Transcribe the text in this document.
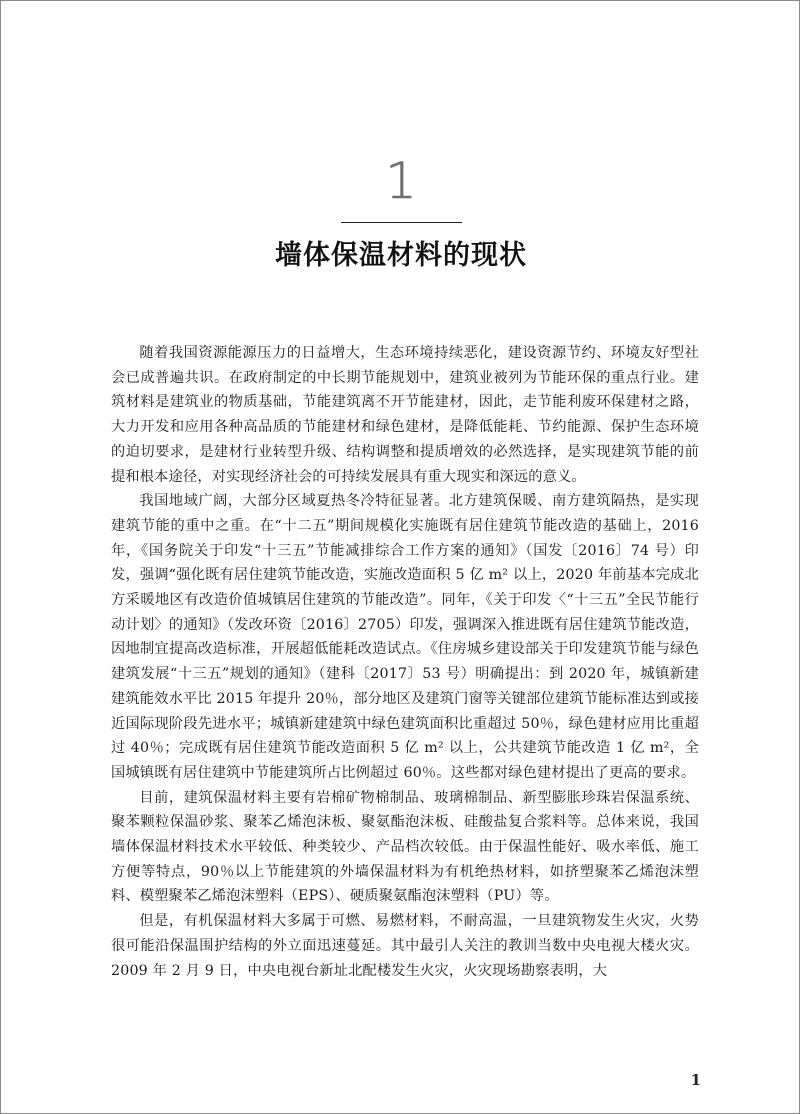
1
墙体保温材料的现状

随着我国资源能源压力的日益增大，生态环境持续恶化，建设资源节约、环境友好型社会已成普遍共识。在政府制定的中长期节能规划中，建筑业被列为节能环保的重点行业。建筑材料是建筑业的物质基础，节能建筑离不开节能建材，因此，走节能利废环保建材之路，大力开发和应用各种高品质的节能建材和绿色建材，是降低能耗、节约能源、保护生态环境的迫切要求，是建材行业转型升级、结构调整和提质增效的必然选择，是实现建筑节能的前提和根本途径，对实现经济社会的可持续发展具有重大现实和深远的意义。

我国地域广阔，大部分区域夏热冬冷特征显著。北方建筑保暖、南方建筑隔热，是实现建筑节能的重中之重。在“十二五”期间规模化实施既有居住建筑节能改造的基础上，2016 年，《国务院关于印发“十三五”节能减排综合工作方案的通知》（国发〔2016〕74 号）印发，强调“强化既有居住建筑节能改造，实施改造面积 5 亿 m² 以上，2020 年前基本完成北方采暖地区有改造价值城镇居住建筑的节能改造”。同年，《关于印发〈“十三五”全民节能行动计划〉的通知》（发改环资〔2016〕2705）印发，强调深入推进既有居住建筑节能改造，因地制宜提高改造标准，开展超低能耗改造试点。《住房城乡建设部关于印发建筑节能与绿色建筑发展“十三五”规划的通知》（建科〔2017〕53 号）明确提出：到 2020 年，城镇新建建筑能效水平比 2015 年提升 20％，部分地区及建筑门窗等关键部位建筑节能标准达到或接近国际现阶段先进水平；城镇新建建筑中绿色建筑面积比重超过 50％，绿色建材应用比重超过 40％；完成既有居住建筑节能改造面积 5 亿 m² 以上，公共建筑节能改造 1 亿 m²，全国城镇既有居住建筑中节能建筑所占比例超过 60％。这些都对绿色建材提出了更高的要求。

目前，建筑保温材料主要有岩棉矿物棉制品、玻璃棉制品、新型膨胀珍珠岩保温系统、聚苯颗粒保温砂浆、聚苯乙烯泡沫板、聚氨酯泡沫板、硅酸盐复合浆料等。总体来说，我国墙体保温材料技术水平较低、种类较少、产品档次较低。由于保温性能好、吸水率低、施工方便等特点，90％以上节能建筑的外墙保温材料为有机绝热材料，如挤塑聚苯乙烯泡沫塑料、模塑聚苯乙烯泡沫塑料（EPS）、硬质聚氨酯泡沫塑料（PU）等。

但是，有机保温材料大多属于可燃、易燃材料，不耐高温，一旦建筑物发生火灾，火势很可能沿保温围护结构的外立面迅速蔓延。其中最引人关注的教训当数中央电视大楼火灾。2009 年 2 月 9 日，中央电视台新址北配楼发生火灾，火灾现场勘察表明，大

1
